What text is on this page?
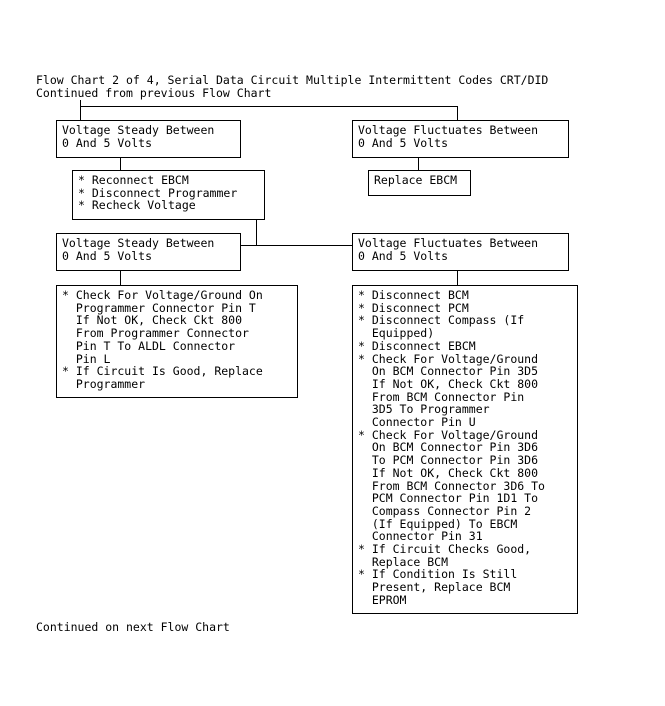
Flow Chart 2 of 4, Serial Data Circuit Multiple Intermittent Codes CRT/DID
Continued from previous Flow Chart
Voltage Steady Between
0 And 5 Volts
Voltage Fluctuates Between
0 And 5 Volts
* Reconnect EBCM
* Disconnect Programmer
* Recheck Voltage
Replace EBCM
Voltage Steady Between
0 And 5 Volts
Voltage Fluctuates Between
0 And 5 Volts
* Check For Voltage/Ground On
Programmer Connector Pin T
If Not OK, Check Ckt 800
From Programmer Connector
Pin T To ALDL Connector
Pin L
* If Circuit Is Good, Replace
Programmer
* Disconnect BCM
* Disconnect PCM
* Disconnect Compass (If
Equipped)
* Disconnect EBCM
* Check For Voltage/Ground
On BCM Connector Pin 3D5
If Not OK, Check Ckt 800
From BCM Connector Pin
3D5 To Programmer
Connector Pin U
* Check For Voltage/Ground
On BCM Connector Pin 3D6
To PCM Connector Pin 3D6
If Not OK, Check Ckt 800
From BCM Connector 3D6 To
PCM Connector Pin 1D1 To
Compass Connector Pin 2
(If Equipped) To EBCM
Connector Pin 31
* If Circuit Checks Good,
Replace BCM
* If Condition Is Still
Present, Replace BCM
EPROM
Continued on next Flow Chart
